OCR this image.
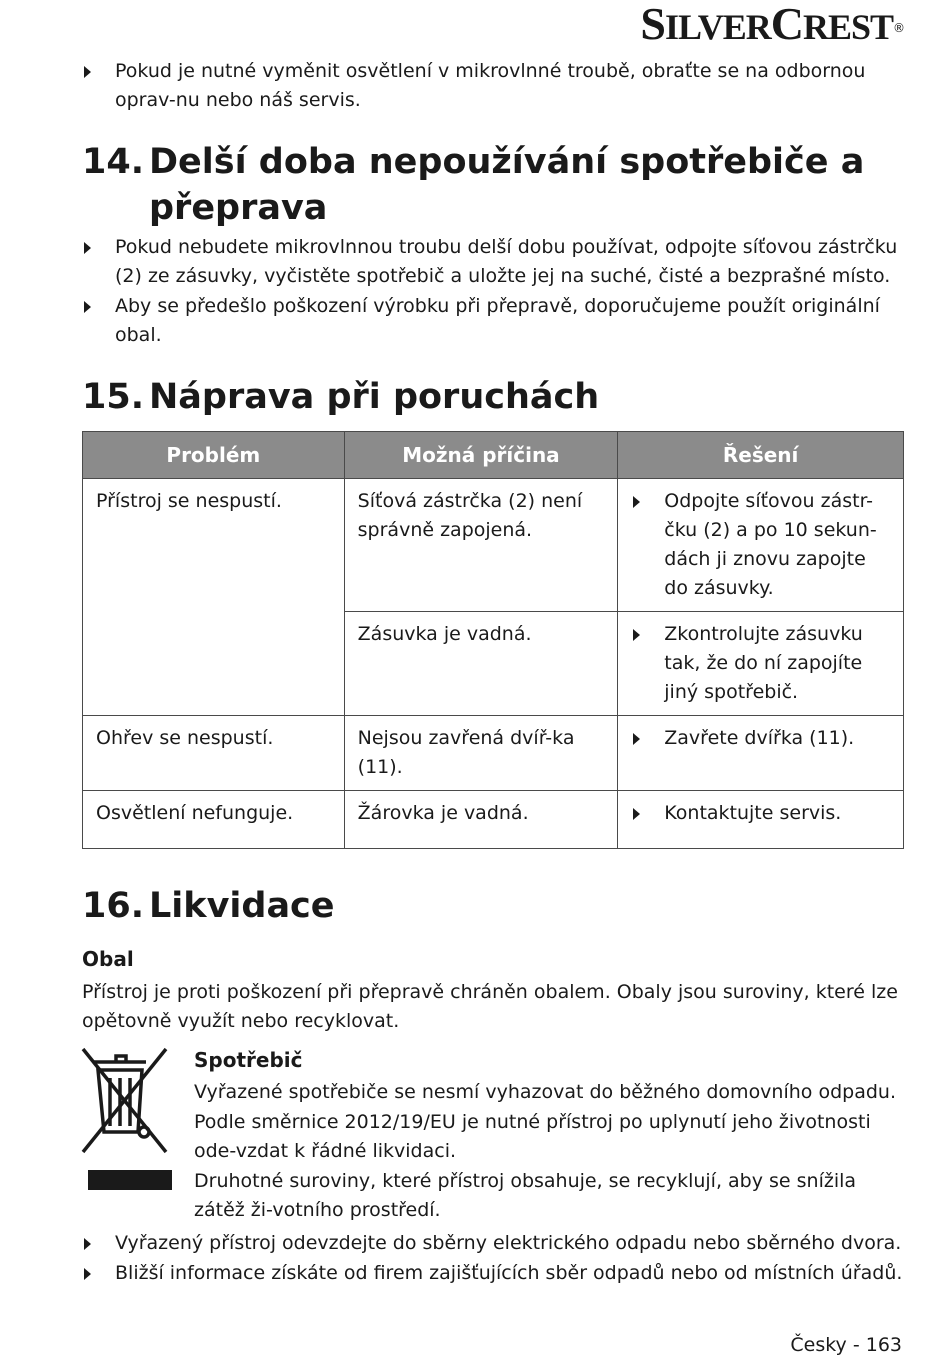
SILVERCREST®
Pokud je nutné vyměnit osvětlení v mikrovlnné troubě, obraťte se na odbornou oprav-nu nebo náš servis.
14. Delší doba nepoužívání spotřebiče a přeprava
Pokud nebudete mikrovlnnou troubu delší dobu používat, odpojte síťovou zástrčku (2) ze zásuvky, vyčistěte spotřebič a uložte jej na suché, čisté a bezprašné místo.
Aby se předešlo poškození výrobku při přepravě, doporučujeme použít originální obal.
15. Náprava při poruchách
Problém	Možná příčina	Řešení
Přístroj se nespustí.	Síťová zástrčka (2) není správně zapojená.	Odpojte síťovou zástr-čku (2) a po 10 sekun-dách ji znovu zapojte do zásuvky.
	Zásuvka je vadná.	Zkontrolujte zásuvku tak, že do ní zapojíte jiný spotřebič.
Ohřev se nespustí.	Nejsou zavřená dvíř-ka (11).	Zavřete dvířka (11).
Osvětlení nefunguje.	Žárovka je vadná.	Kontaktujte servis.
16. Likvidace
Obal
Přístroj je proti poškození při přepravě chráněn obalem. Obaly jsou suroviny, které lze opětovně využít nebo recyklovat.
Spotřebič
Vyřazené spotřebiče se nesmí vyhazovat do běžného domovního odpadu.
Podle směrnice 2012/19/EU je nutné přístroj po uplynutí jeho životnosti ode-vzdat k řádné likvidaci.
Druhotné suroviny, které přístroj obsahuje, se recyklují, aby se snížila zátěž ži-votního prostředí.
Vyřazený přístroj odevzdejte do sběrny elektrického odpadu nebo sběrného dvora.
Bližší informace získáte od firem zajišťujících sběr odpadů nebo od místních úřadů.
Česky - 163
